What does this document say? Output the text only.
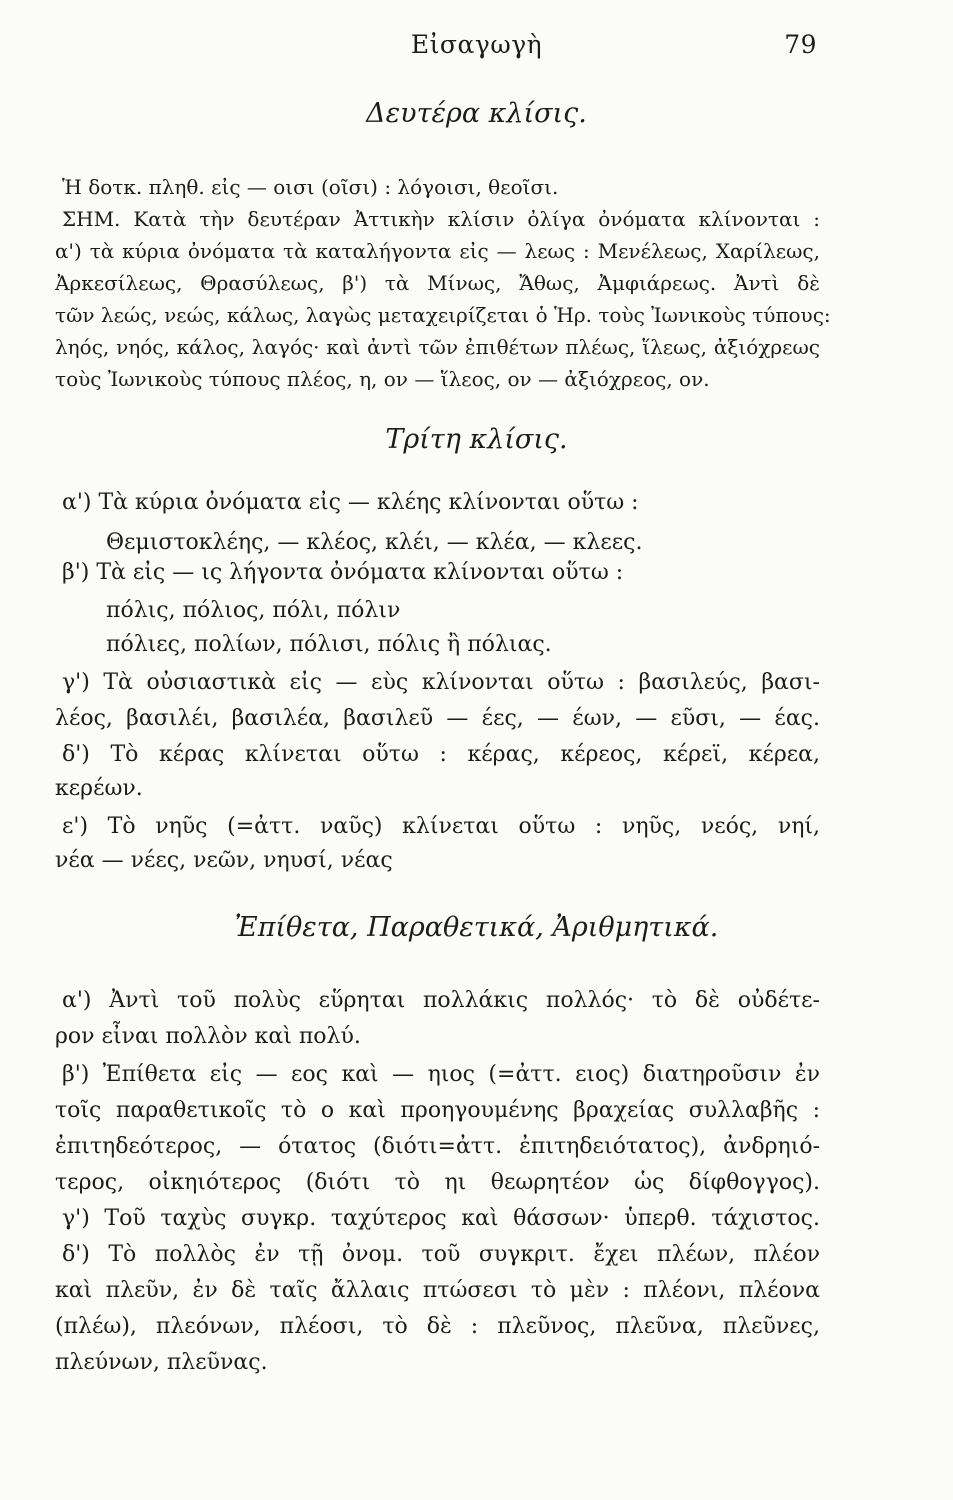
Εἰσαγωγὴ	79
Δευτέρα κλίσις.
Ἡ δοτκ. πληθ. εἰς — οισι (οῖσι) : λόγοισι, θεοῖσι.
ΣΗΜ. Κατὰ τὴν δευτέραν Ἀττικὴν κλίσιν ὀλίγα ὀνόματα κλίνονται :
α') τὰ κύρια ὀνόματα τὰ καταλήγοντα εἰς — λεως : Μενέλεως, Χαρίλεως,
Ἀρκεσίλεως, Θρασύλεως, β') τὰ Μίνως, Ἄθως, Ἀμφιάρεως. Ἀντὶ δὲ
τῶν λεώς, νεώς, κάλως, λαγὼς μεταχειρίζεται ὁ Ἡρ. τοὺς Ἰωνικοὺς τύπους:
ληός, νηός, κάλος, λαγός· καὶ ἀντὶ τῶν ἐπιθέτων πλέως, ἵλεως, ἀξιόχρεως
τοὺς Ἰωνικοὺς τύπους πλέος, η, ον — ἵλεος, ον — ἀξιόχρεος, ον.
Τρίτη κλίσις.
α') Τὰ κύρια ὀνόματα εἰς — κλέης κλίνονται οὕτω :
Θεμιστοκλέης, — κλέος, κλέι, — κλέα, — κλεες.
β') Τὰ εἰς — ις λήγοντα ὀνόματα κλίνονται οὕτω :
πόλις, πόλιος, πόλι, πόλιν
πόλιες, πολίων, πόλισι, πόλις ἢ πόλιας.
γ') Τὰ οὐσιαστικὰ εἰς — εὺς κλίνονται οὕτω : βασιλεύς, βασι-
λέος, βασιλέι, βασιλέα, βασιλεῦ — έες, — έων, — εῦσι, — έας.
δ') Τὸ κέρας κλίνεται οὕτω : κέρας, κέρεος, κέρεϊ, κέρεα,
κερέων.
ε') Τὸ νηῦς (=ἀττ. ναῦς) κλίνεται οὕτω : νηῦς, νεός, νηί,
νέα — νέες, νεῶν, νηυσί, νέας
Ἐπίθετα, Παραθετικά, Ἀριθμητικά.
α') Ἀντὶ τοῦ πολὺς εὕρηται πολλάκις πολλός· τὸ δὲ οὐδέτε-
ρον εἶναι πολλὸν καὶ πολύ.
β') Ἐπίθετα εἰς — εος καὶ — ηιος (=ἀττ. ειος) διατηροῦσιν ἐν
τοῖς παραθετικοῖς τὸ ο καὶ προηγουμένης βραχείας συλλαβῆς :
ἐπιτηδεότερος, — ότατος (διότι=ἀττ. ἐπιτηδειότατος), ἀνδρηιό-
τερος, οἰκηιότερος (διότι τὸ ηι θεωρητέον ὡς δίφθογγος).
γ') Τοῦ ταχὺς συγκρ. ταχύτερος καὶ θάσσων· ὑπερθ. τάχιστος.
δ') Τὸ πολλὸς ἐν τῇ ὀνομ. τοῦ συγκριτ. ἔχει πλέων, πλέον
καὶ πλεῦν, ἐν δὲ ταῖς ἄλλαις πτώσεσι τὸ μὲν : πλέονι, πλέονα
(πλέω), πλεόνων, πλέοσι, τὸ δὲ : πλεῦνος, πλεῦνα, πλεῦνες,
πλεύνων, πλεῦνας.
